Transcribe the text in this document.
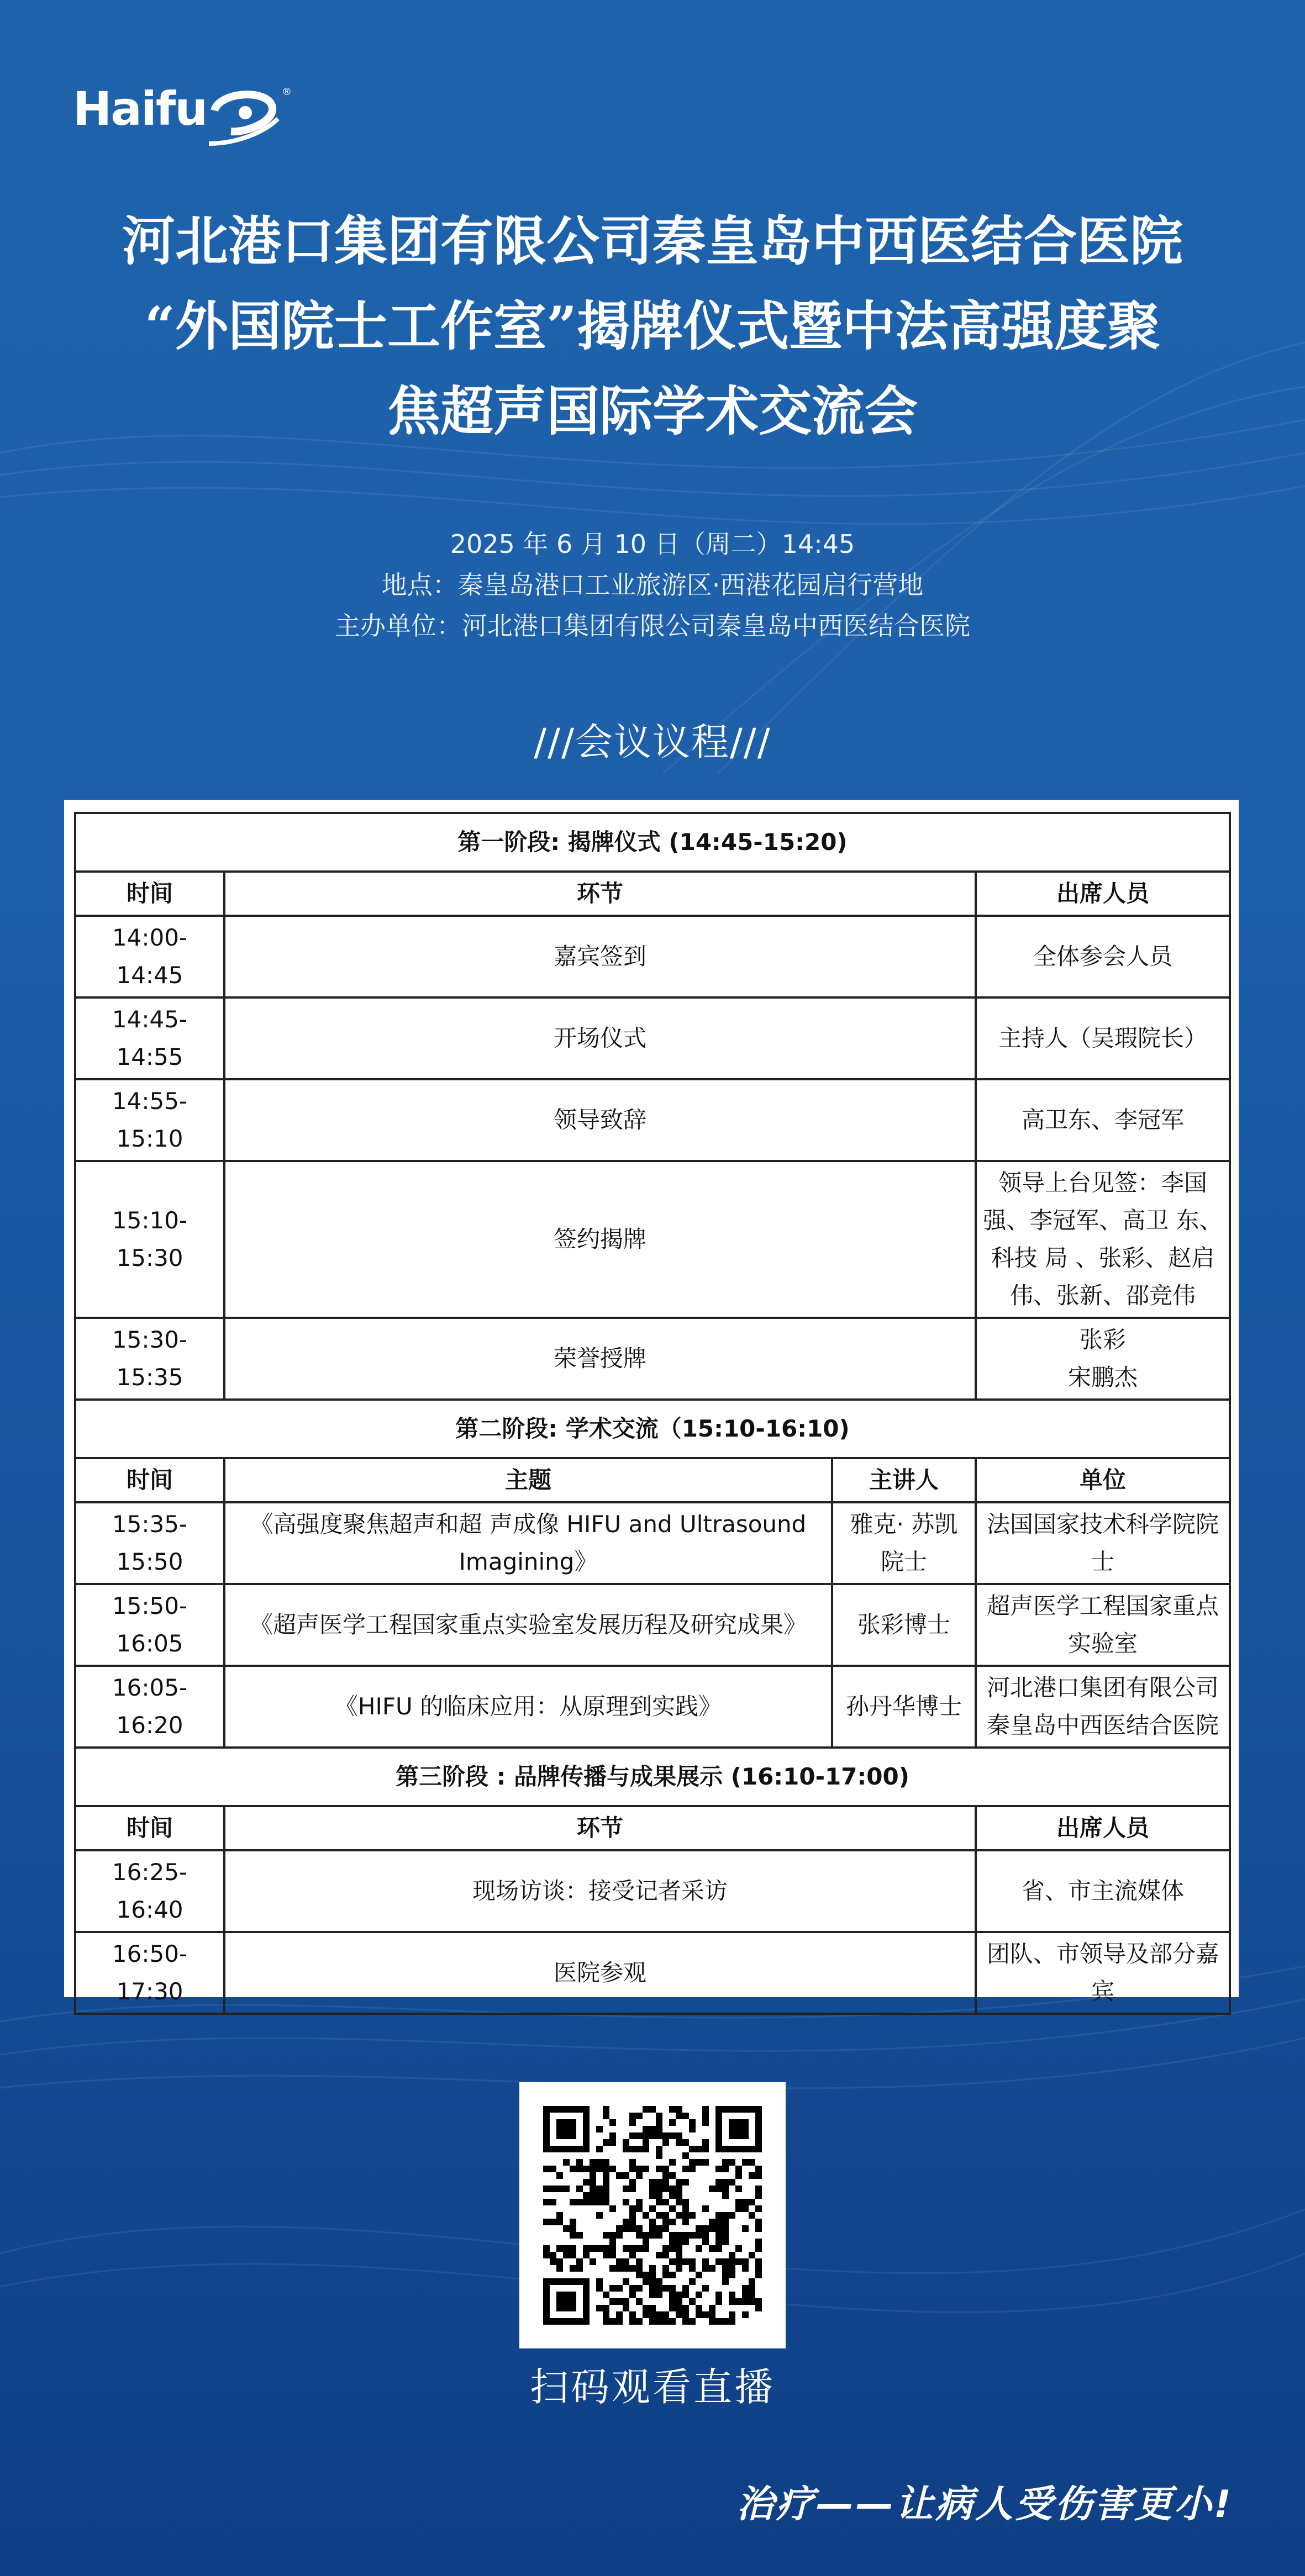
Haifu	®
河北港口集团有限公司秦皇岛中西医结合医院
“外国院士工作室”揭牌仪式暨中法高强度聚
焦超声国际学术交流会
2025 年 6 月 10 日（周二）14:45
地点：秦皇岛港口工业旅游区·西港花园启行营地
主办单位：河北港口集团有限公司秦皇岛中西医结合医院
///会议议程///
第一阶段: 揭牌仪式 (14:45-15:20)			
时间	环节		出席人员
14:00-14:45	嘉宾签到		全体参会人员
14:45-14:55	开场仪式		主持人（吴瑕院长）
14:55-15:10	领导致辞		高卫东、李冠军
15:10-15:30	签约揭牌		领导上台见签：李国强、李冠军、高卫 东、科技 局 、张彩、赵启伟、张新、邵竞伟
15:30-15:35	荣誉授牌		张彩
宋鹏杰

第二阶段: 学术交流（15:10-16:10)			
时间	主题	主讲人	单位
15:35-15:50	《高强度聚焦超声和超 声成像 HIFU and Ultrasound Imagining》	雅克· 苏凯院士	法国国家技术科学院院士
15:50-16:05	《超声医学工程国家重点实验室发展历程及研究成果》	张彩博士	超声医学工程国家重点实验室
16:05-16:20	《HIFU 的临床应用：从原理到实践》	孙丹华博士	河北港口集团有限公司秦皇岛中西医结合医院
第三阶段 : 品牌传播与成果展示 (16:10-17:00)			
时间	环节		出席人员
16:25-16:40	现场访谈：接受记者采访		省、市主流媒体
16:50-17:30	医院参观		团队、市领导及部分嘉宾
扫码观看直播
治疗——让病人受伤害更小!
